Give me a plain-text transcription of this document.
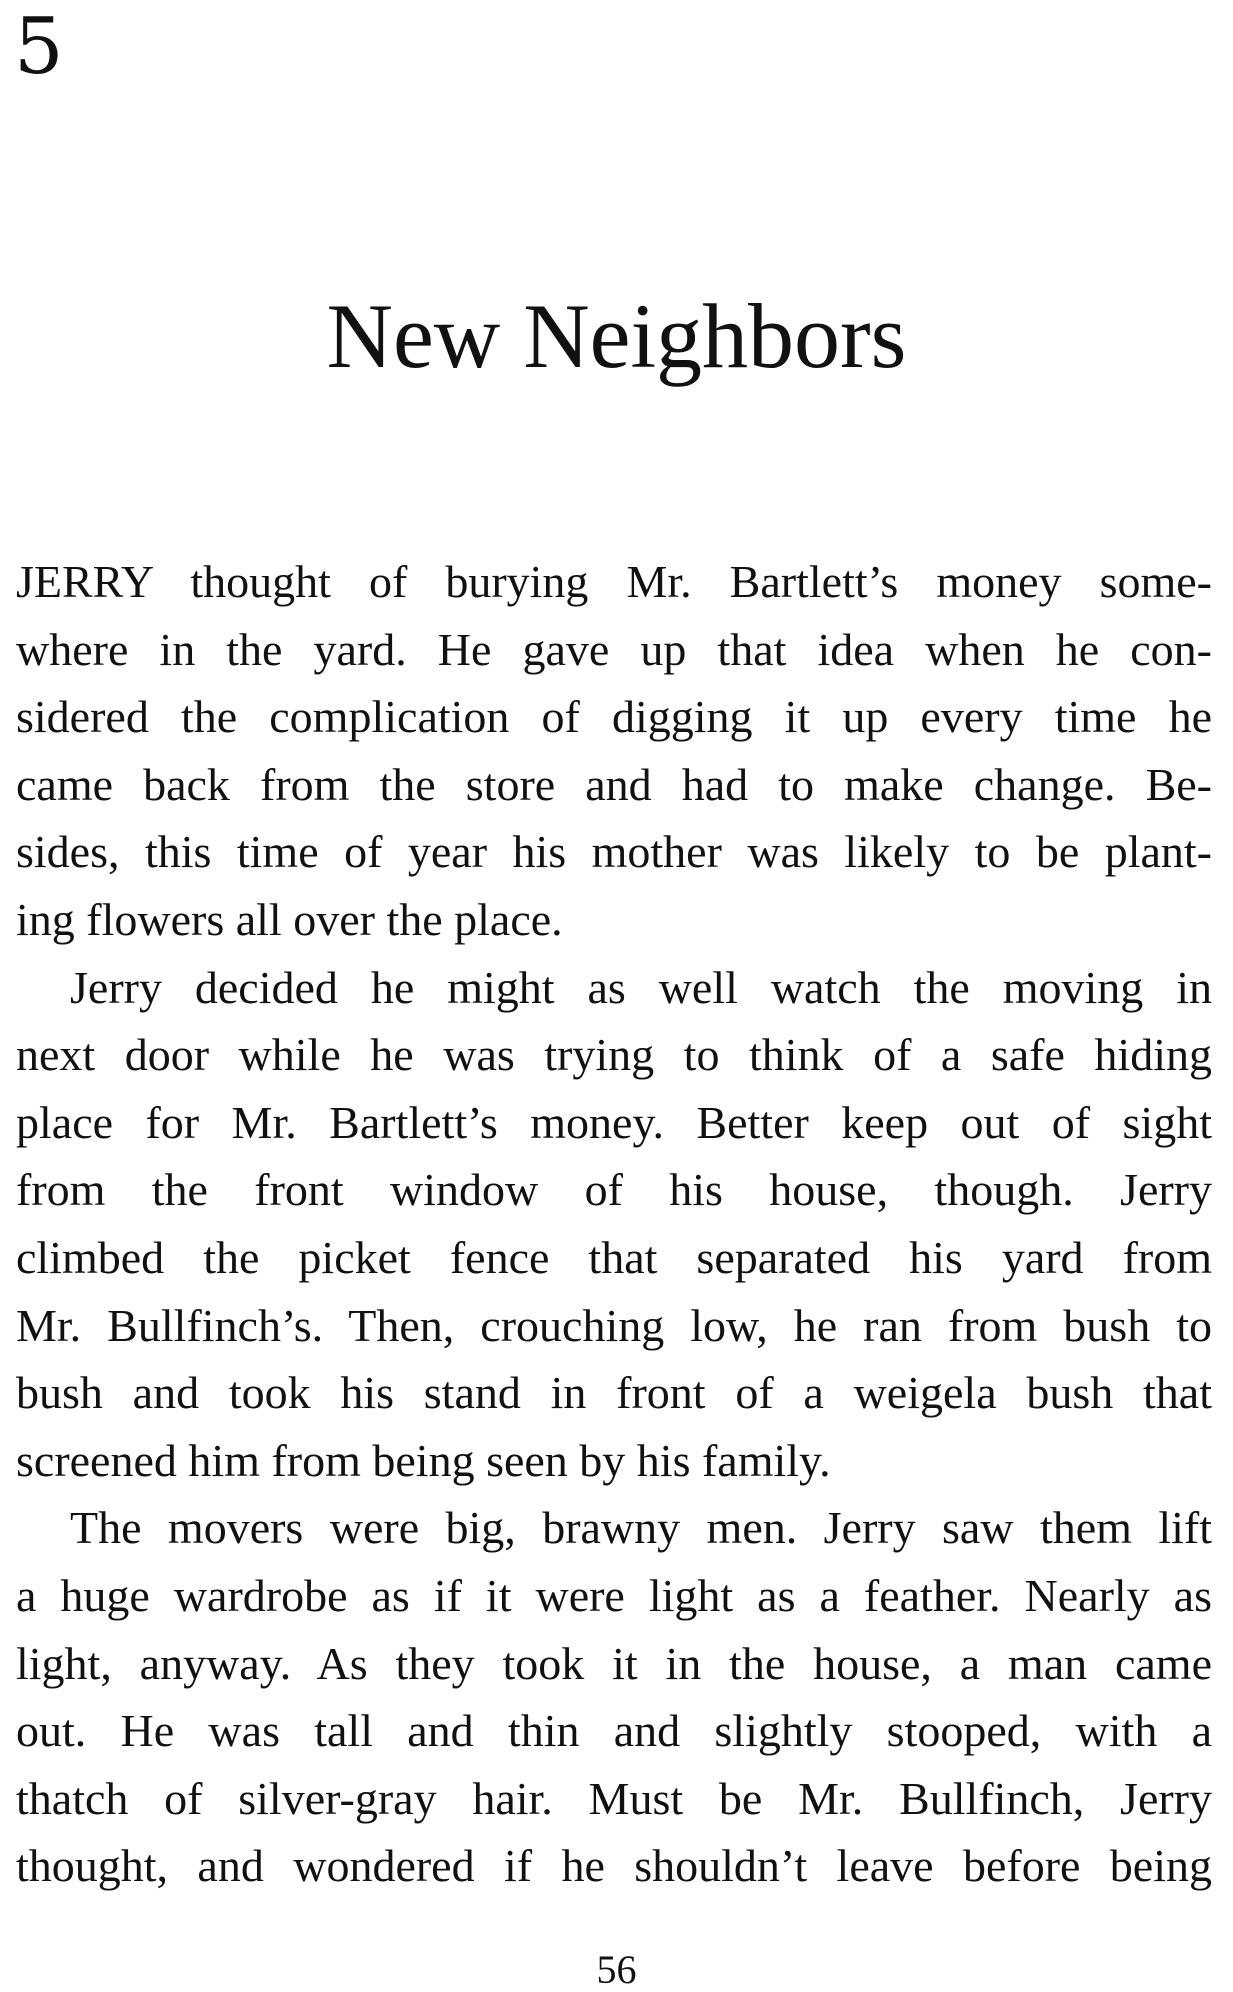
5
New Neighbors
JERRY thought of burying Mr. Bartlett’s money some-
where in the yard. He gave up that idea when he con-
sidered the complication of digging it up every time he
came back from the store and had to make change. Be-
sides, this time of year his mother was likely to be plant-
ing flowers all over the place.
Jerry decided he might as well watch the moving in
next door while he was trying to think of a safe hiding
place for Mr. Bartlett’s money. Better keep out of sight
from the front window of his house, though. Jerry
climbed the picket fence that separated his yard from
Mr. Bullfinch’s. Then, crouching low, he ran from bush to
bush and took his stand in front of a weigela bush that
screened him from being seen by his family.
The movers were big, brawny men. Jerry saw them lift
a huge wardrobe as if it were light as a feather. Nearly as
light, anyway. As they took it in the house, a man came
out. He was tall and thin and slightly stooped, with a
thatch of silver-gray hair. Must be Mr. Bullfinch, Jerry
thought, and wondered if he shouldn’t leave before being
56
